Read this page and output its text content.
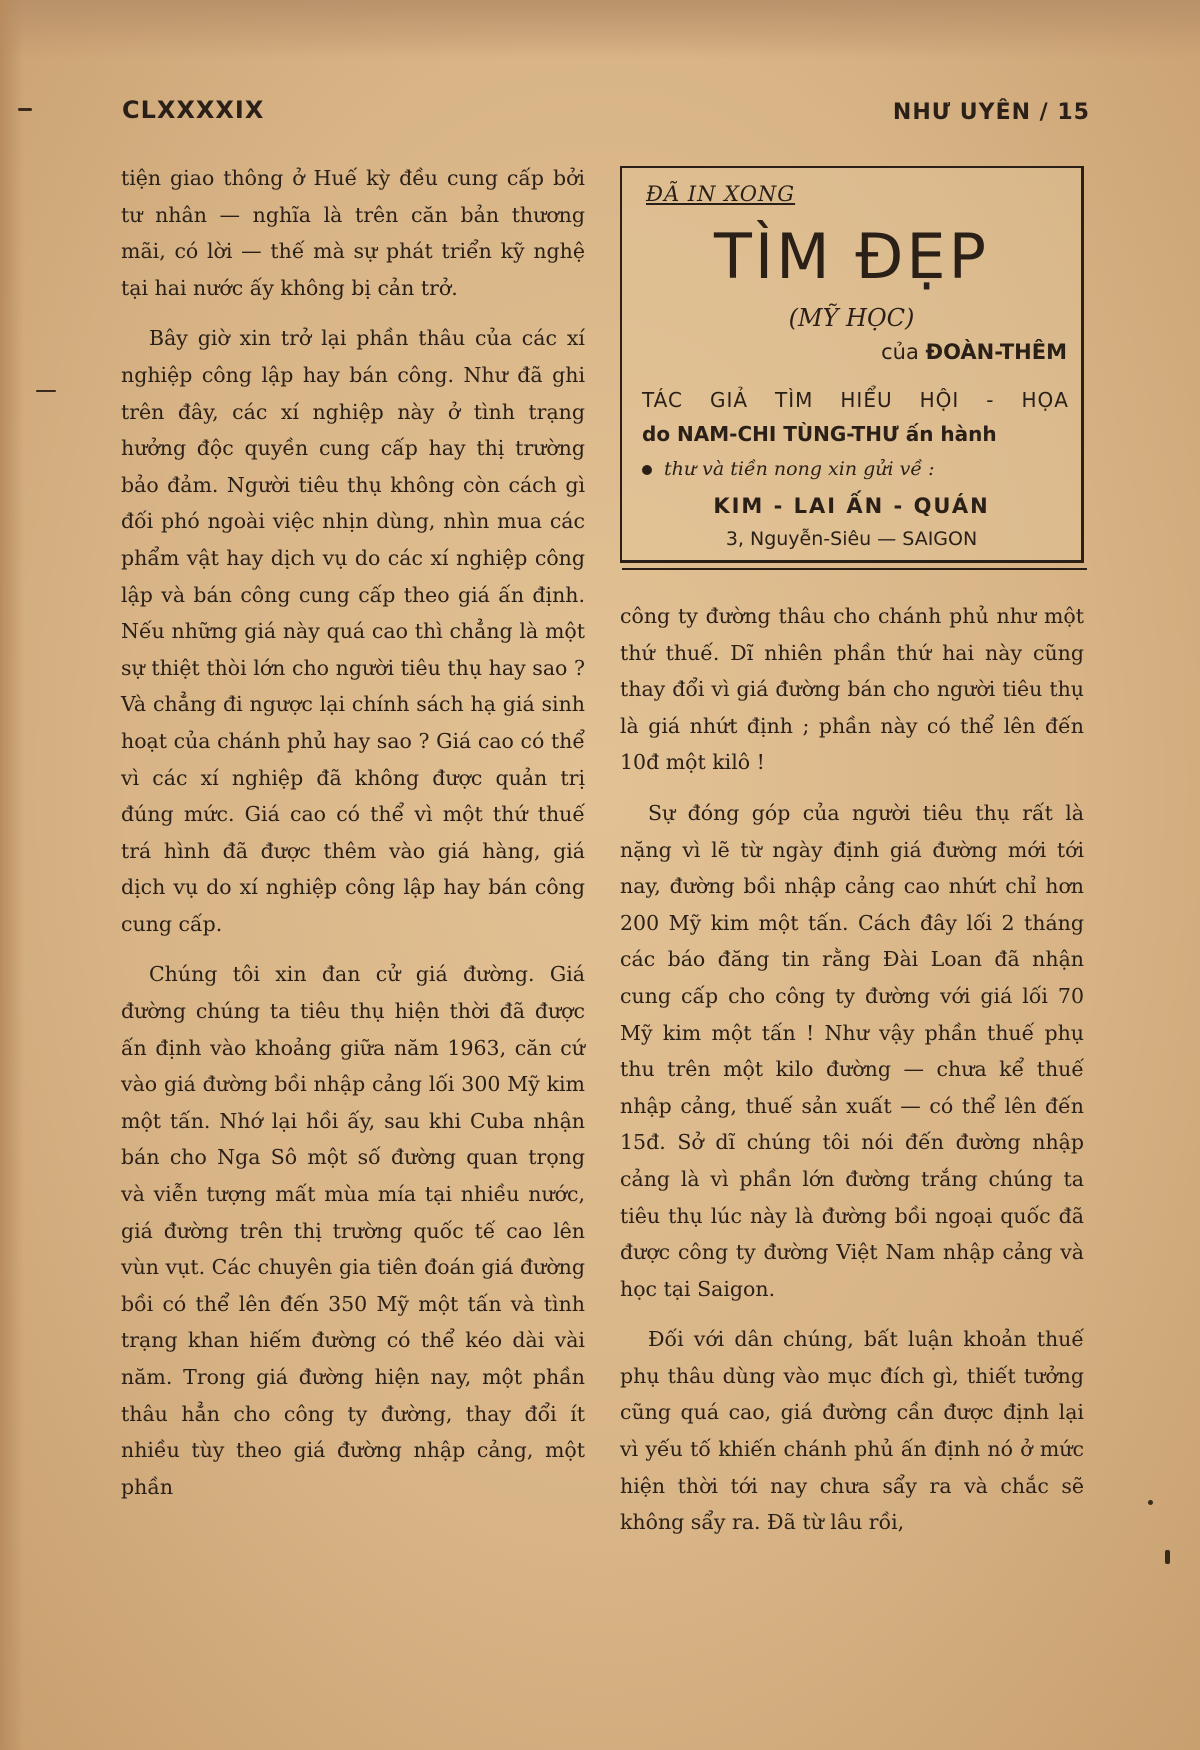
CLXXXXIX	NHƯ UYÊN / 15
tiện giao thông ở Huế kỳ đều cung cấp bởi tư nhân — nghĩa là trên căn bản thương mãi, có lời — thế mà sự phát triển kỹ nghệ tại hai nước ấy không bị cản trở.
Bây giờ xin trở lại phần thâu của các xí nghiệp công lập hay bán công. Như đã ghi trên đây, các xí nghiệp này ở tình trạng hưởng độc quyền cung cấp hay thị trường bảo đảm. Người tiêu thụ không còn cách gì đối phó ngoài việc nhịn dùng, nhìn mua các phẩm vật hay dịch vụ do các xí nghiệp công lập và bán công cung cấp theo giá ấn định. Nếu những giá này quá cao thì chẳng là một sự thiệt thòi lớn cho người tiêu thụ hay sao ? Và chẳng đi ngược lại chính sách hạ giá sinh hoạt của chánh phủ hay sao ? Giá cao có thể vì các xí nghiệp đã không được quản trị đúng mức. Giá cao có thể vì một thứ thuế trá hình đã được thêm vào giá hàng, giá dịch vụ do xí nghiệp công lập hay bán công cung cấp.
Chúng tôi xin đan cử giá đường. Giá đường chúng ta tiêu thụ hiện thời đã được ấn định vào khoảng giữa năm 1963, căn cứ vào giá đường bồi nhập cảng lối 300 Mỹ kim một tấn. Nhớ lại hồi ấy, sau khi Cuba nhận bán cho Nga Sô một số đường quan trọng và viễn tượng mất mùa mía tại nhiều nước, giá đường trên thị trường quốc tế cao lên vùn vụt. Các chuyên gia tiên đoán giá đường bồi có thể lên đến 350 Mỹ một tấn và tình trạng khan hiếm đường có thể kéo dài vài năm. Trong giá đường hiện nay, một phần thâu hẳn cho công ty đường, thay đổi ít nhiều tùy theo giá đường nhập cảng, một phần
ĐÃ IN XONG
TÌM ĐẸP
(MỸ HỌC)
của ĐOÀN-THÊM
TÁC GIẢ TÌM HIỂU HỘI - HỌA
do NAM-CHI TÙNG-THƯ ấn hành
thư và tiền nong xin gửi về :
KIM - LAI ẤN - QUÁN
3, Nguyễn-Siêu — SAIGON
công ty đường thâu cho chánh phủ như một thứ thuế. Dĩ nhiên phần thứ hai này cũng thay đổi vì giá đường bán cho người tiêu thụ là giá nhứt định ; phần này có thể lên đến 10đ một kilô !
Sự đóng góp của người tiêu thụ rất là nặng vì lẽ từ ngày định giá đường mới tới nay, đường bồi nhập cảng cao nhứt chỉ hơn 200 Mỹ kim một tấn. Cách đây lối 2 tháng các báo đăng tin rằng Đài Loan đã nhận cung cấp cho công ty đường với giá lối 70 Mỹ kim một tấn ! Như vậy phần thuế phụ thu trên một kilo đường — chưa kể thuế nhập cảng, thuế sản xuất — có thể lên đến 15đ. Sở dĩ chúng tôi nói đến đường nhập cảng là vì phần lớn đường trắng chúng ta tiêu thụ lúc này là đường bồi ngoại quốc đã được công ty đường Việt Nam nhập cảng và học tại Saigon.
Đối với dân chúng, bất luận khoản thuế phụ thâu dùng vào mục đích gì, thiết tưởng cũng quá cao, giá đường cần được định lại vì yếu tố khiến chánh phủ ấn định nó ở mức hiện thời tới nay chưa sẩy ra và chắc sẽ không sẩy ra. Đã từ lâu rồi,
